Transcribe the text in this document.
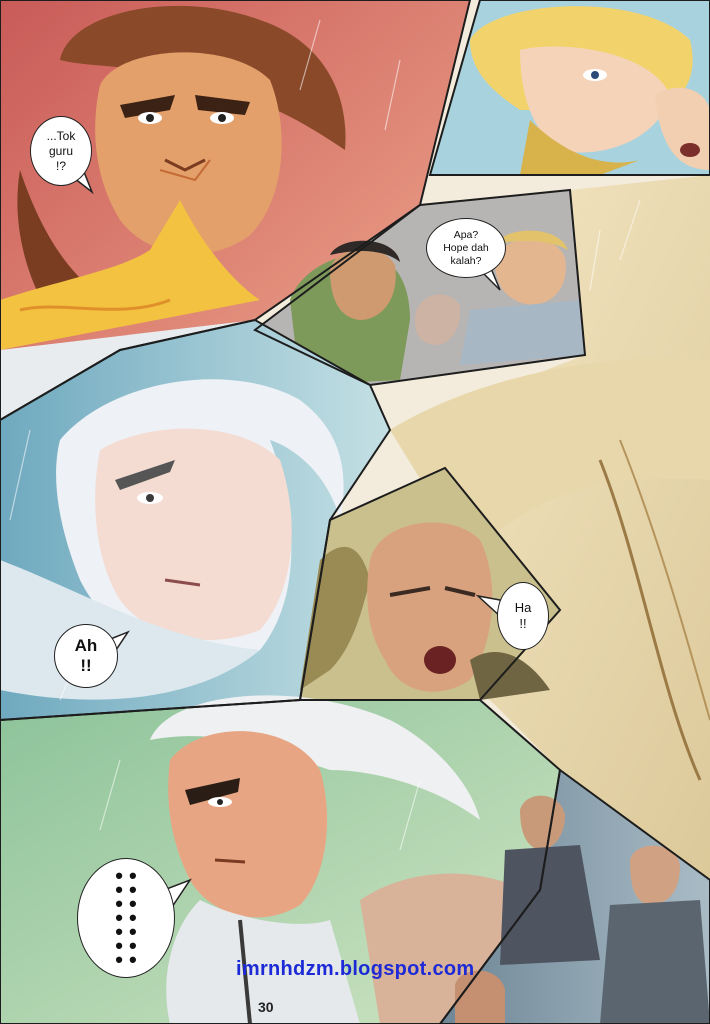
...Tok
guru
!?
Apa?
Hope dah
kalah?
Ha
!!
Ah
!!
• •
• •
• •
• •
• •
• •
• •	imrnhdzm.blogspot.com
30
